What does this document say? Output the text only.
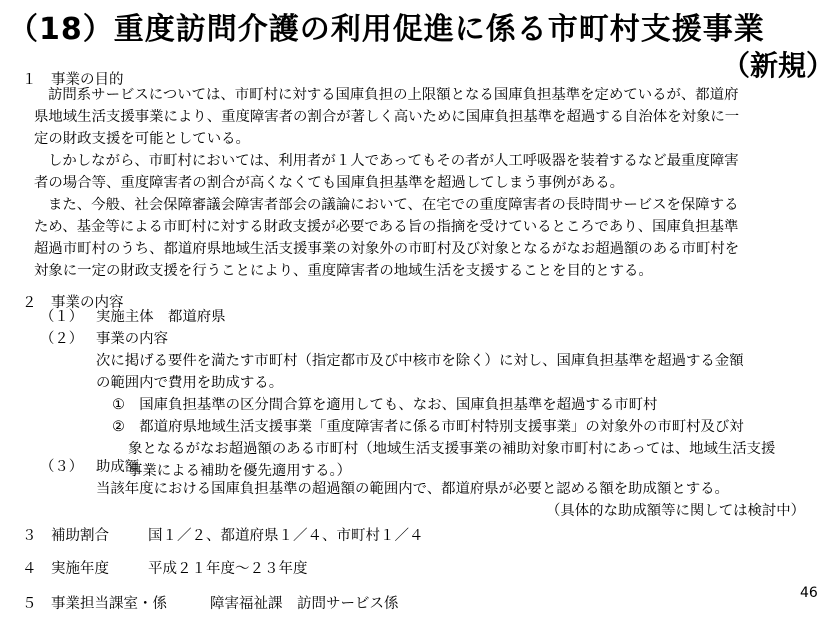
（18）重度訪問介護の利用促進に係る市町村支援事業
（新規）
１　事業の目的
訪問系サービスについては、市町村に対する国庫負担の上限額となる国庫負担基準を定めているが、都道府
県地域生活支援事業により、重度障害者の割合が著しく高いために国庫負担基準を超過する自治体を対象に一
定の財政支援を可能としている。
しかしながら、市町村においては、利用者が１人であってもその者が人工呼吸器を装着するなど最重度障害
者の場合等、重度障害者の割合が高くなくても国庫負担基準を超過してしまう事例がある。
また、今般、社会保障審議会障害者部会の議論において、在宅での重度障害者の長時間サービスを保障する
ため、基金等による市町村に対する財政支援が必要である旨の指摘を受けているところであり、国庫負担基準
超過市町村のうち、都道府県地域生活支援事業の対象外の市町村及び対象となるがなお超過額のある市町村を
対象に一定の財政支援を行うことにより、重度障害者の地域生活を支援することを目的とする。
２　事業の内容
（１） 実施主体　都道府県
（２） 事業の内容
次に掲げる要件を満たす市町村（指定都市及び中核市を除く）に対し、国庫負担基準を超過する金額
の範囲内で費用を助成する。
①　国庫負担基準の区分間合算を適用しても、なお、国庫負担基準を超過する市町村
②　都道府県地域生活支援事業「重度障害者に係る市町村特別支援事業」の対象外の市町村及び対
象となるがなお超過額のある市町村（地域生活支援事業の補助対象市町村にあっては、地域生活支援
事業による補助を優先適用する。）
（３） 助成額
当該年度における国庫負担基準の超過額の範囲内で、都道府県が必要と認める額を助成額とする。
（具体的な助成額等に関しては検討中）
３　補助割合	国１／２、都道府県１／４、市町村１／４
４　実施年度	平成２１年度～２３年度
５　事業担当課室・係	障害福祉課　訪問サービス係
46
